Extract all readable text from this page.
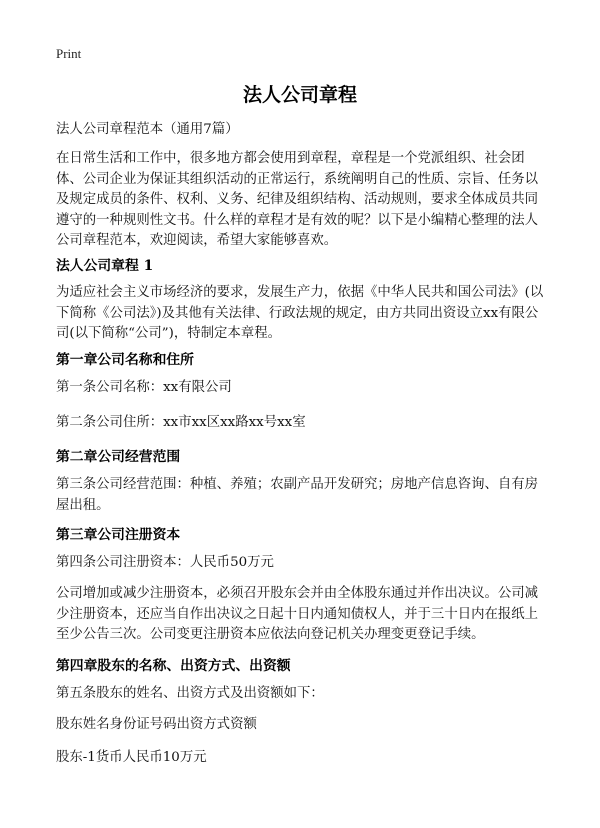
Print
法人公司章程
法人公司章程范本（通用7篇）
在日常生活和工作中，很多地方都会使用到章程，章程是一个党派组织、社会团体、公司企业为保证其组织活动的正常运行，系统阐明自己的性质、宗旨、任务以及规定成员的条件、权利、义务、纪律及组织结构、活动规则，要求全体成员共同遵守的一种规则性文书。什么样的章程才是有效的呢？以下是小编精心整理的法人公司章程范本，欢迎阅读，希望大家能够喜欢。
法人公司章程 1
为适应社会主义市场经济的要求，发展生产力，依据《中华人民共和国公司法》(以下简称《公司法》)及其他有关法律、行政法规的规定，由方共同出资设立xx有限公司(以下简称“公司”)，特制定本章程。
第一章公司名称和住所
第一条公司名称：xx有限公司
第二条公司住所：xx市xx区xx路xx号xx室
第二章公司经营范围
第三条公司经营范围：种植、养殖；农副产品开发研究；房地产信息咨询、自有房屋出租。
第三章公司注册资本
第四条公司注册资本：人民币50万元
公司增加或减少注册资本，必须召开股东会并由全体股东通过并作出决议。公司减少注册资本，还应当自作出决议之日起十日内通知债权人，并于三十日内在报纸上至少公告三次。公司变更注册资本应依法向登记机关办理变更登记手续。
第四章股东的名称、出资方式、出资额
第五条股东的姓名、出资方式及出资额如下：
股东姓名身份证号码出资方式资额
股东-1货币人民币10万元
